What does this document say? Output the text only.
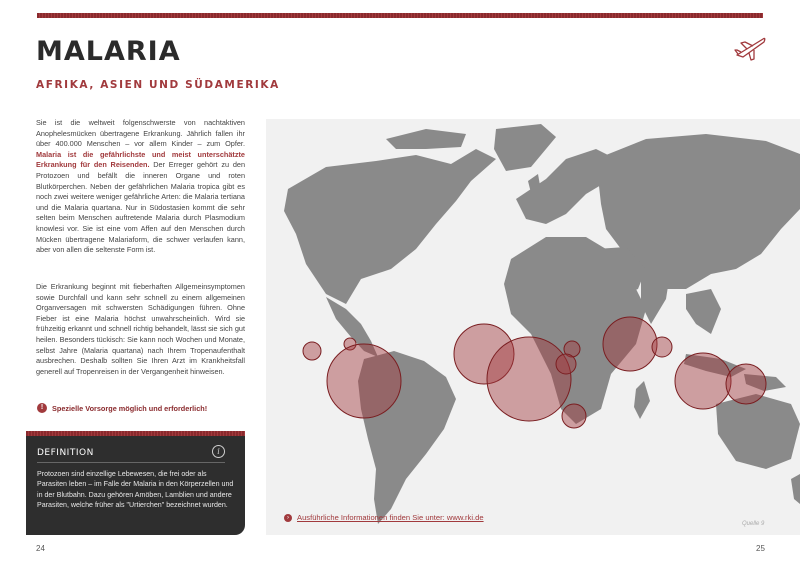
MALARIA
AFRIKA, ASIEN UND SÜDAMERIKA

Sie ist die weltweit folgenschwerste von nachtaktiven Anophelesmücken übertragene Erkrankung. Jährlich fallen ihr über 400.000 Menschen – vor allem Kinder – zum Opfer. Malaria ist die gefährlichste und meist unterschätzte Erkrankung für den Reisenden. Der Erreger gehört zu den Protozoen und befällt die inneren Organe und roten Blutkörperchen. Neben der gefährlichen Malaria tropica gibt es noch zwei weitere weniger gefährliche Arten: die Malaria tertiana und die Malaria quartana. Nur in Südostasien kommt die sehr selten beim Menschen auftretende Malaria durch Plasmodium knowlesi vor. Sie ist eine vom Affen auf den Menschen durch Mücken übertragene Malariaform, die schwer verlaufen kann, aber von allen die seltenste Form ist.

Die Erkrankung beginnt mit fieberhaften Allgemeinsymptomen sowie Durchfall und kann sehr schnell zu einem allgemeinen Organversagen mit schwersten Schädigungen führen. Ohne Fieber ist eine Malaria höchst unwahrscheinlich. Wird sie frühzeitig erkannt und schnell richtig behandelt, lässt sie sich gut heilen. Besonders tückisch: Sie kann noch Wochen und Monate, selbst Jahre (Malaria quartana) nach Ihrem Tropenaufenthalt ausbrechen. Deshalb sollten Sie Ihren Arzt im Krankheitsfall generell auf Tropenreisen in der Vergangenheit hinweisen.

!	Spezielle Vorsorge möglich und erforderlich!
DEFINITION	i

Protozoen sind einzellige Lebewesen, die frei oder als Parasiten leben – im Falle der Malaria in den Körperzellen und in der Blutbahn. Dazu gehören Amöben, Lamblien und andere Parasiten, welche früher als "Urtierchen" bezeichnet wurden.

›	Ausführliche Informationen finden Sie unter: www.rki.de
Quelle 9
24	25
